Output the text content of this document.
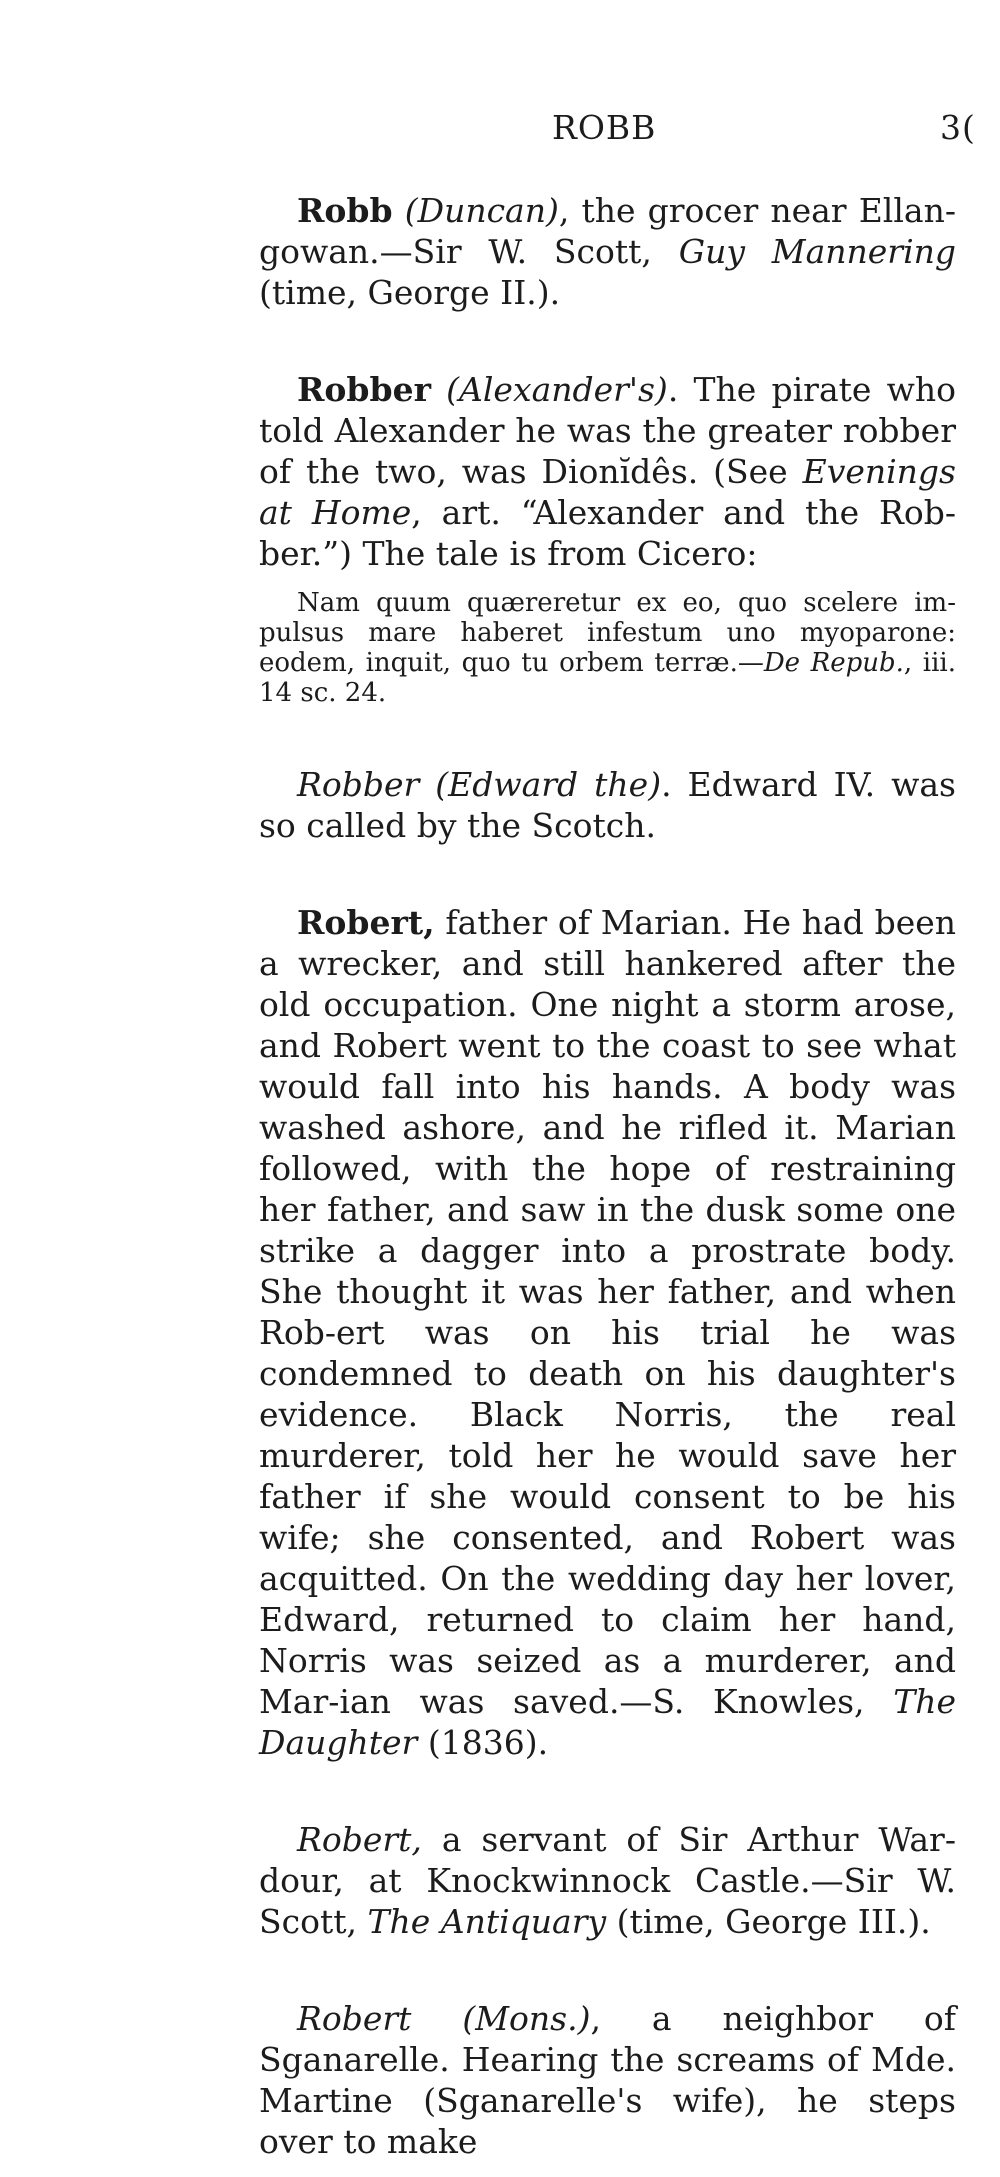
ROBB	3(

Robb (Duncan), the grocer near Ellan-gowan.—Sir W. Scott, Guy Mannering (time, George II.).

Robber (Alexander's). The pirate who told Alexander he was the greater robber of the two, was Dionĭdês. (See Evenings at Home, art. “Alexander and the Rob-ber.”) The tale is from Cicero:

Nam quum quæreretur ex eo, quo scelere im-pulsus mare haberet infestum uno myoparone: eodem, inquit, quo tu orbem terræ.—De Repub., iii. 14 sc. 24.

Robber (Edward the). Edward IV. was so called by the Scotch.

Robert, father of Marian. He had been a wrecker, and still hankered after the old occupation. One night a storm arose, and Robert went to the coast to see what would fall into his hands. A body was washed ashore, and he rifled it. Marian followed, with the hope of restraining her father, and saw in the dusk some one strike a dagger into a prostrate body. She thought it was her father, and when Rob-ert was on his trial he was condemned to death on his daughter's evidence. Black Norris, the real murderer, told her he would save her father if she would consent to be his wife; she consented, and Robert was acquitted. On the wedding day her lover, Edward, returned to claim her hand, Norris was seized as a murderer, and Mar-ian was saved.—S. Knowles, The Daughter (1836).

Robert, a servant of Sir Arthur War-dour, at Knockwinnock Castle.—Sir W. Scott, The Antiquary (time, George III.).

Robert (Mons.), a neighbor of Sganarelle. Hearing the screams of Mde. Martine (Sganarelle's wife), he steps over to make
